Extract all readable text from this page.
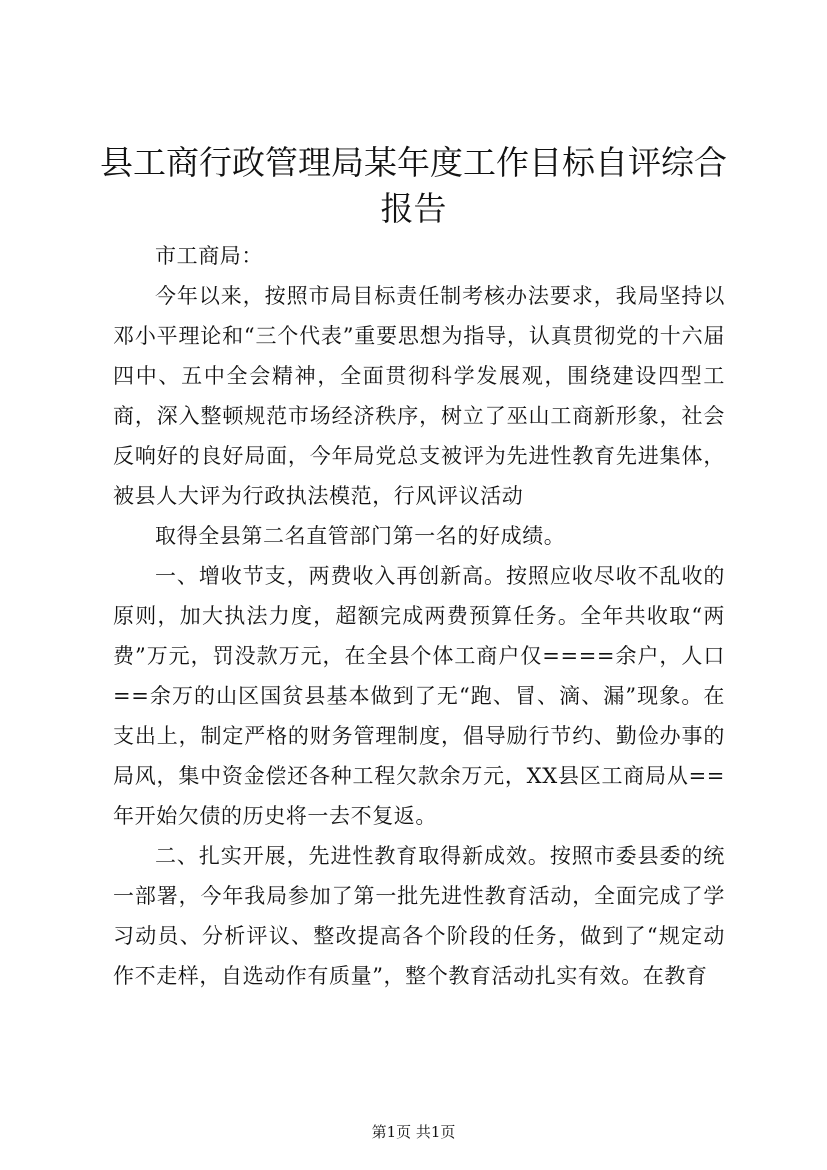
县工商行政管理局某年度工作目标自评综合报告

市工商局：

今年以来，按照市局目标责任制考核办法要求，我局坚持以邓小平理论和“三个代表”重要思想为指导，认真贯彻党的十六届四中、五中全会精神，全面贯彻科学发展观，围绕建设四型工商，深入整顿规范市场经济秩序，树立了巫山工商新形象，社会反响好的良好局面，今年局党总支被评为先进性教育先进集体，被县人大评为行政执法模范，行风评议活动

取得全县第二名直管部门第一名的好成绩。

一、增收节支，两费收入再创新高。按照应收尽收不乱收的原则，加大执法力度，超额完成两费预算任务。全年共收取“两费”万元，罚没款万元，在全县个体工商户仅====余户，人口==余万的山区国贫县基本做到了无“跑、冒、滴、漏”现象。在支出上，制定严格的财务管理制度，倡导励行节约、勤俭办事的局风，集中资金偿还各种工程欠款余万元，XX县区工商局从==年开始欠债的历史将一去不复返。

二、扎实开展，先进性教育取得新成效。按照市委县委的统一部署，今年我局参加了第一批先进性教育活动，全面完成了学习动员、分析评议、整改提高各个阶段的任务，做到了“规定动作不走样，自选动作有质量”，整个教育活动扎实有效。在教育

第1页 共1页
